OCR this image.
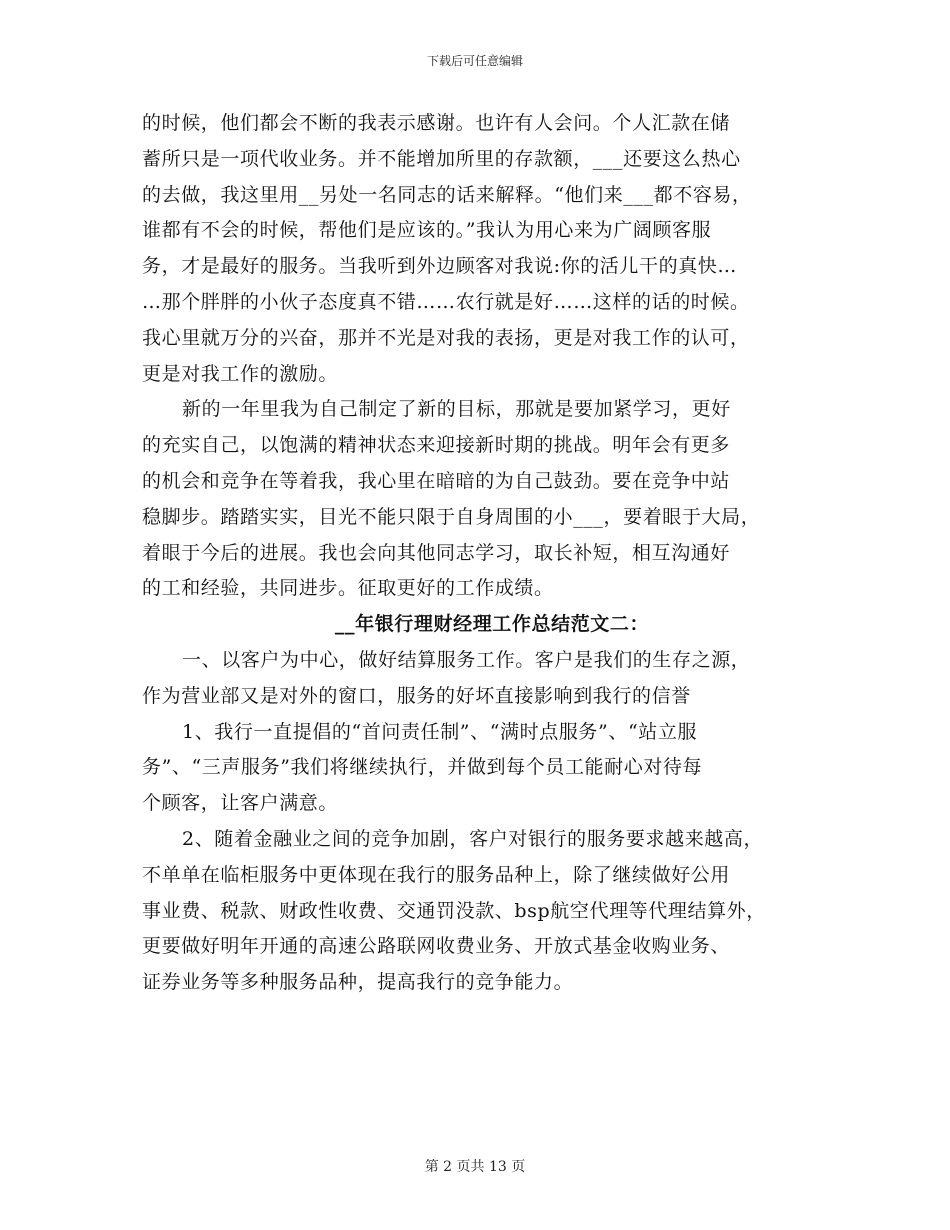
下载后可任意编辑
的时候，他们都会不断的我表示感谢。也许有人会问。个人汇款在储
蓄所只是一项代收业务。并不能增加所里的存款额，___还要这么热心
的去做，我这里用__另处一名同志的话来解释。“他们来___都不容易，
谁都有不会的时候，帮他们是应该的。”我认为用心来为广阔顾客服
务，才是最好的服务。当我听到外边顾客对我说:你的活儿干的真快…
…那个胖胖的小伙子态度真不错……农行就是好……这样的话的时候。
我心里就万分的兴奋，那并不光是对我的表扬，更是对我工作的认可，
更是对我工作的激励。
新的一年里我为自己制定了新的目标，那就是要加紧学习，更好
的充实自己，以饱满的精神状态来迎接新时期的挑战。明年会有更多
的机会和竞争在等着我，我心里在暗暗的为自己鼓劲。要在竞争中站
稳脚步。踏踏实实，目光不能只限于自身周围的小___，要着眼于大局，
着眼于今后的进展。我也会向其他同志学习，取长补短，相互沟通好
的工和经验，共同进步。征取更好的工作成绩。
__年银行理财经理工作总结范文二：
一、以客户为中心，做好结算服务工作。客户是我们的生存之源，
作为营业部又是对外的窗口，服务的好坏直接影响到我行的信誉
1、我行一直提倡的“首问责任制”、“满时点服务”、“站立服
务”、“三声服务”我们将继续执行，并做到每个员工能耐心对待每
个顾客，让客户满意。
2、随着金融业之间的竞争加剧，客户对银行的服务要求越来越高，
不单单在临柜服务中更体现在我行的服务品种上，除了继续做好公用
事业费、税款、财政性收费、交通罚没款、bsp航空代理等代理结算外，
更要做好明年开通的高速公路联网收费业务、开放式基金收购业务、
证券业务等多种服务品种，提高我行的竞争能力。
第 2 页共 13 页
